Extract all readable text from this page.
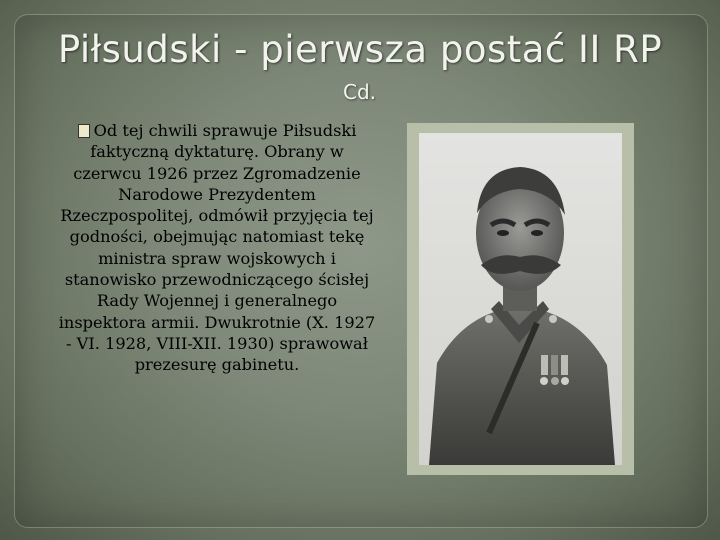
Piłsudski - pierwsza postać II RP
Cd.
Od tej chwili sprawuje Piłsudski faktyczną dyktaturę. Obrany w czerwcu 1926 przez Zgromadzenie Narodowe Prezydentem Rzeczpospolitej, odmówił przyjęcia tej godności, obejmując natomiast tekę ministra spraw wojskowych i stanowisko przewodniczącego ścisłej Rady Wojennej i generalnego inspektora armii. Dwukrotnie (X. 1927 - VI. 1928, VIII-XII. 1930) sprawował prezesurę gabinetu.
